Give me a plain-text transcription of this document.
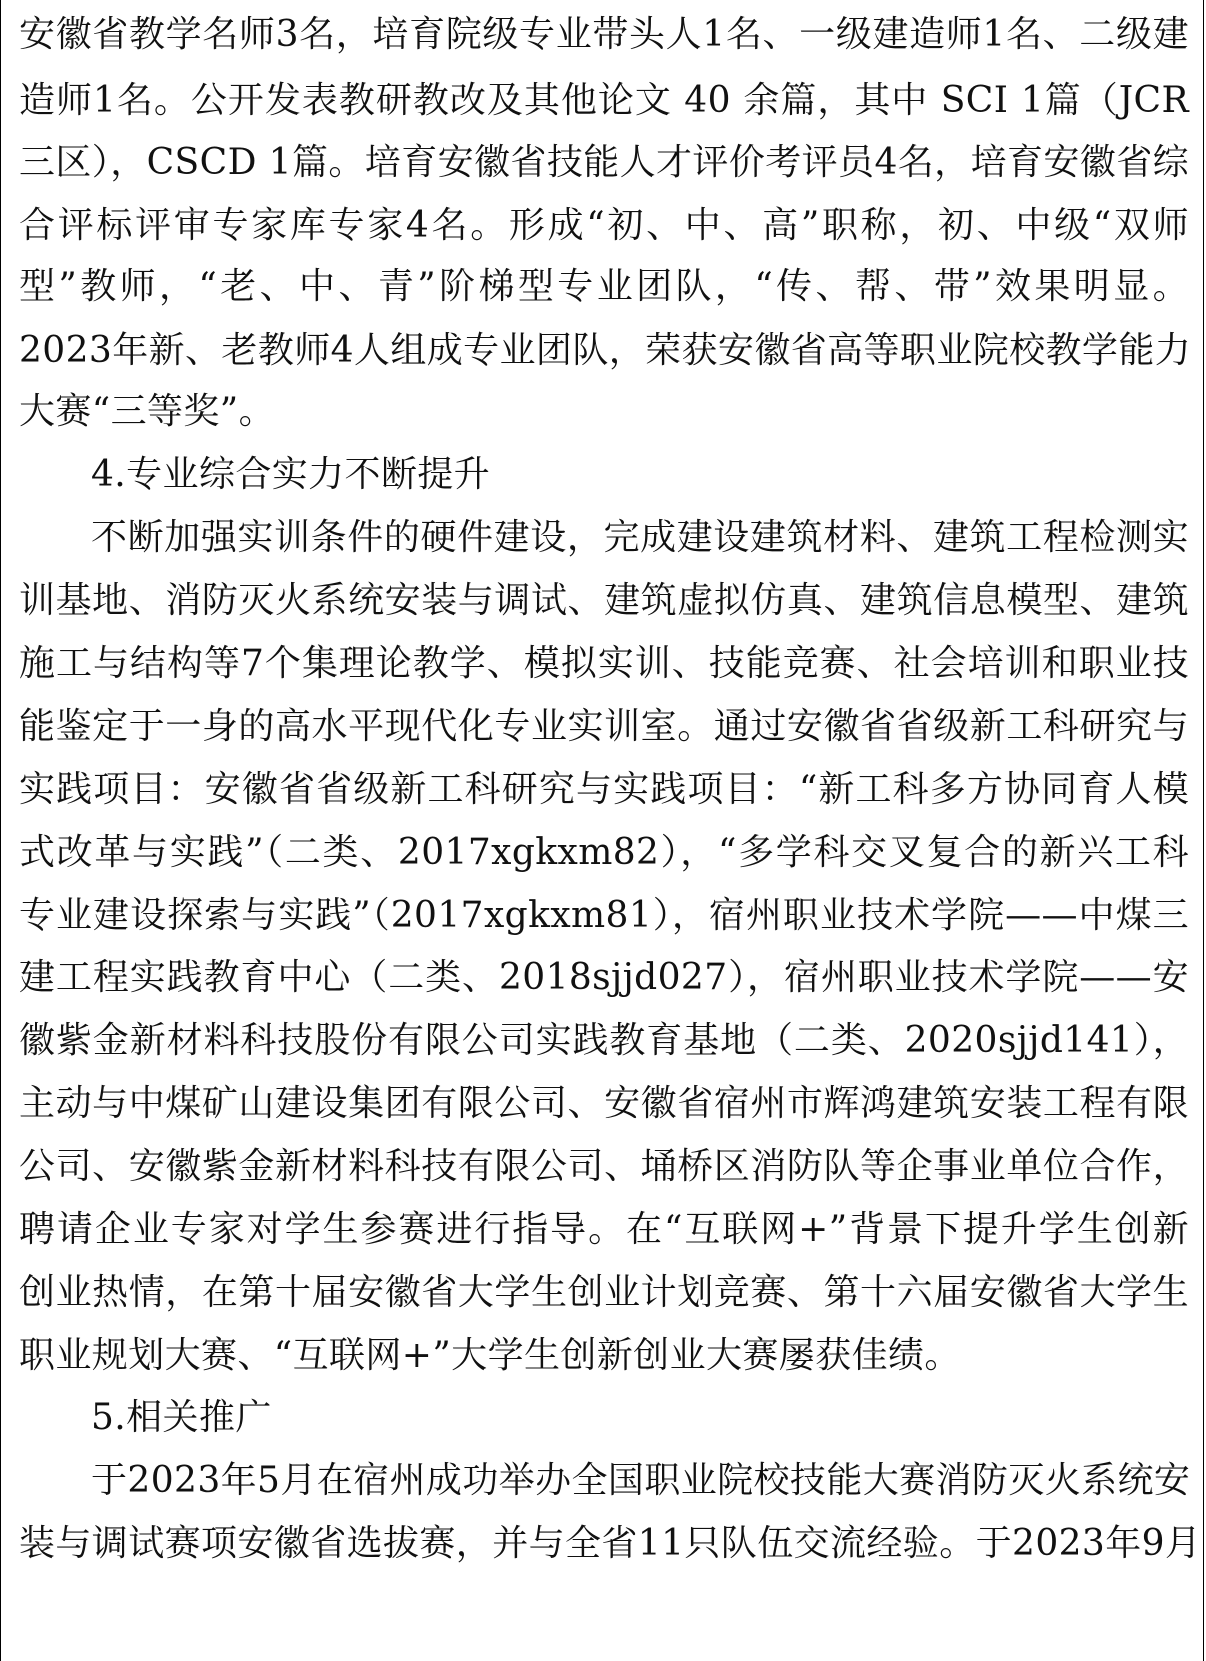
安徽省教学名师3名，培育院级专业带头人1名、一级建造师1名、二级建
造师1名。公开发表教研教改及其他论文 40 余篇，其中 SCI 1篇（JCR
三区），CSCD 1篇。培育安徽省技能人才评价考评员4名，培育安徽省综
合评标评审专家库专家4名。形成“初、中、高”职称，初、中级“双师
型”教师，“老、中、青”阶梯型专业团队，“传、帮、带”效果明显。
2023年新、老教师4人组成专业团队，荣获安徽省高等职业院校教学能力
大赛“三等奖”。
4.专业综合实力不断提升
不断加强实训条件的硬件建设，完成建设建筑材料、建筑工程检测实
训基地、消防灭火系统安装与调试、建筑虚拟仿真、建筑信息模型、建筑
施工与结构等7个集理论教学、模拟实训、技能竞赛、社会培训和职业技
能鉴定于一身的高水平现代化专业实训室。通过安徽省省级新工科研究与
实践项目：安徽省省级新工科研究与实践项目：“新工科多方协同育人模
式改革与实践”（二类、2017xgkxm82），“多学科交叉复合的新兴工科
专业建设探索与实践”（2017xgkxm81），宿州职业技术学院——中煤三
建工程实践教育中心（二类、2018sjjd027），宿州职业技术学院——安
徽紫金新材料科技股份有限公司实践教育基地（二类、2020sjjd141），
主动与中煤矿山建设集团有限公司、安徽省宿州市辉鸿建筑安装工程有限
公司、安徽紫金新材料科技有限公司、埇桥区消防队等企事业单位合作，
聘请企业专家对学生参赛进行指导。在“互联网+”背景下提升学生创新
创业热情，在第十届安徽省大学生创业计划竞赛、第十六届安徽省大学生
职业规划大赛、“互联网+”大学生创新创业大赛屡获佳绩。
5.相关推广
于2023年5月在宿州成功举办全国职业院校技能大赛消防灭火系统安
装与调试赛项安徽省选拔赛，并与全省11只队伍交流经验。于2023年9月
